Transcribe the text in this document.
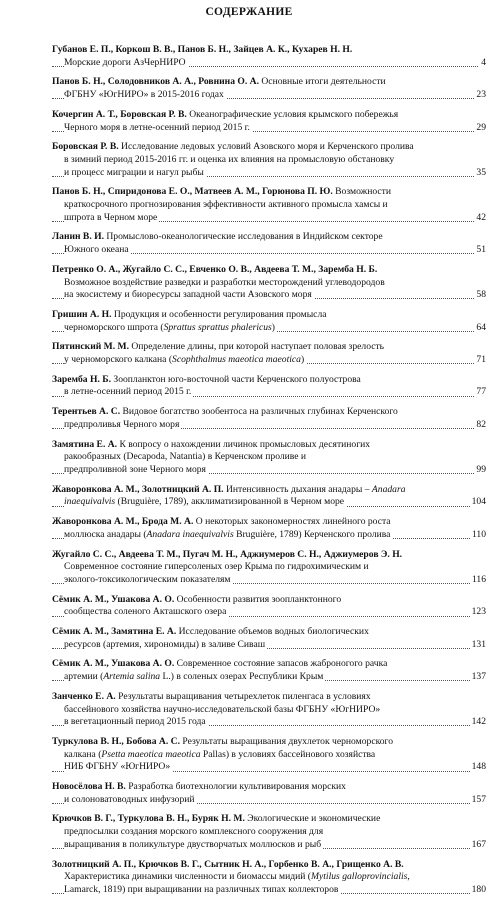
СОДЕРЖАНИЕ
Губанов Е. П., Коркош В. В., Панов Б. Н., Зайцев А. К., Кухарев Н. Н.
Морские дороги АзЧерНИРО	4
Панов Б. Н., Солодовников А. А., Ровнина О. А. Основные итоги деятельности
ФГБНУ «ЮгНИРО» в 2015-2016 годах	23
Кочергин А. Т., Боровская Р. В. Океанографические условия крымского побережья
Черного моря в летне-осенний период 2015 г.	29
Боровская Р. В. Исследование ледовых условий Азовского моря и Керченского пролива
в зимний период 2015-2016 гг. и оценка их влияния на промысловую обстановку
и процесс миграции и нагул рыбы	35
Панов Б. Н., Спиридонова Е. О., Матвеев А. М., Горюнова П. Ю. Возможности
краткосрочного прогнозирования эффективности активного промысла хамсы и
шпрота в Черном море	42
Ланин В. И. Промыслово-океанологические исследования в Индийском секторе
Южного океана	51
Петренко О. А., Жугайло С. С., Евченко О. В., Авдеева Т. М., Заремба Н. Б.
Возможное воздействие разведки и разработки месторождений углеводородов
на экосистему и биоресурсы западной части Азовского моря	58
Гришин А. Н. Продукция и особенности регулирования промысла
черноморского шпрота (Sprattus sprattus phalericus)	64
Пятинский М. М. Определение длины, при которой наступает половая зрелость
у черноморского калкана (Scophthalmus maeotica maeotica)	71
Заремба Н. Б. Зоопланктон юго-восточной части Керченского полуострова
в летне-осенний период 2015 г.	77
Терентьев А. С. Видовое богатство зообентоса на различных глубинах Керченского
предпроливья Черного моря	82
Замятина Е. А. К вопросу о нахождении личинок промысловых десятиногих
ракообразных (Decapoda, Natantia) в Керченском проливе и
предпроливной зоне Черного моря	99
Жаворонкова А. М., Золотницкий А. П. Интенсивность дыхания анадары – Anadara
inaequivalvis (Bruguière, 1789), акклиматизированной в Черном море	104
Жаворонкова А. М., Брода М. А. О некоторых закономерностях линейного роста
моллюска анадары (Anadara inaequivalvis Bruguière, 1789) Керченского пролива	110
Жугайло С. С., Авдеева Т. М., Пугач М. Н., Аджиумеров С. Н., Аджиумеров Э. Н.
Современное состояние гиперсоленых озер Крыма по гидрохимическим и
эколого-токсикологическим показателям	116
Сёмик А. М., Ушакова А. О. Особенности развития зоопланктонного
сообщества соленого Акташского озера	123
Сёмик А. М., Замятина Е. А. Исследование объемов водных биологических
ресурсов (артемия, хирономиды) в заливе Сиваш	131
Сёмик А. М., Ушакова А. О. Современное состояние запасов жаброногого рачка
артемии (Artemia salina L.) в соленых озерах Республики Крым	137
Занченко Е. А. Результаты выращивания четырехлеток пиленгаса в условиях
бассейнового хозяйства научно-исследовательской базы ФГБНУ «ЮгНИРО»
в вегетационный период 2015 года	142
Туркулова В. Н., Бобова А. С. Результаты выращивания двухлеток черноморского
калкана (Psetta maeotica maeotica Pallas) в условиях бассейнового хозяйства
НИБ ФГБНУ «ЮгНИРО»	148
Новосёлова Н. В. Разработка биотехнологии культивирования морских
и солоноватоводных инфузорий	157
Крючков В. Г., Туркулова В. Н., Буряк Н. М. Экологические и экономические
предпосылки создания морского комплексного сооружения для
выращивания в поликультуре двустворчатых моллюсков и рыб	167
Золотницкий А. П., Крючков В. Г., Сытник Н. А., Горбенко В. А., Грищенко А. В.
Характеристика динамики численности и биомассы мидий (Mytilus galloprovincialis,
Lamarck, 1819) при выращивании на различных типах коллекторов	180
